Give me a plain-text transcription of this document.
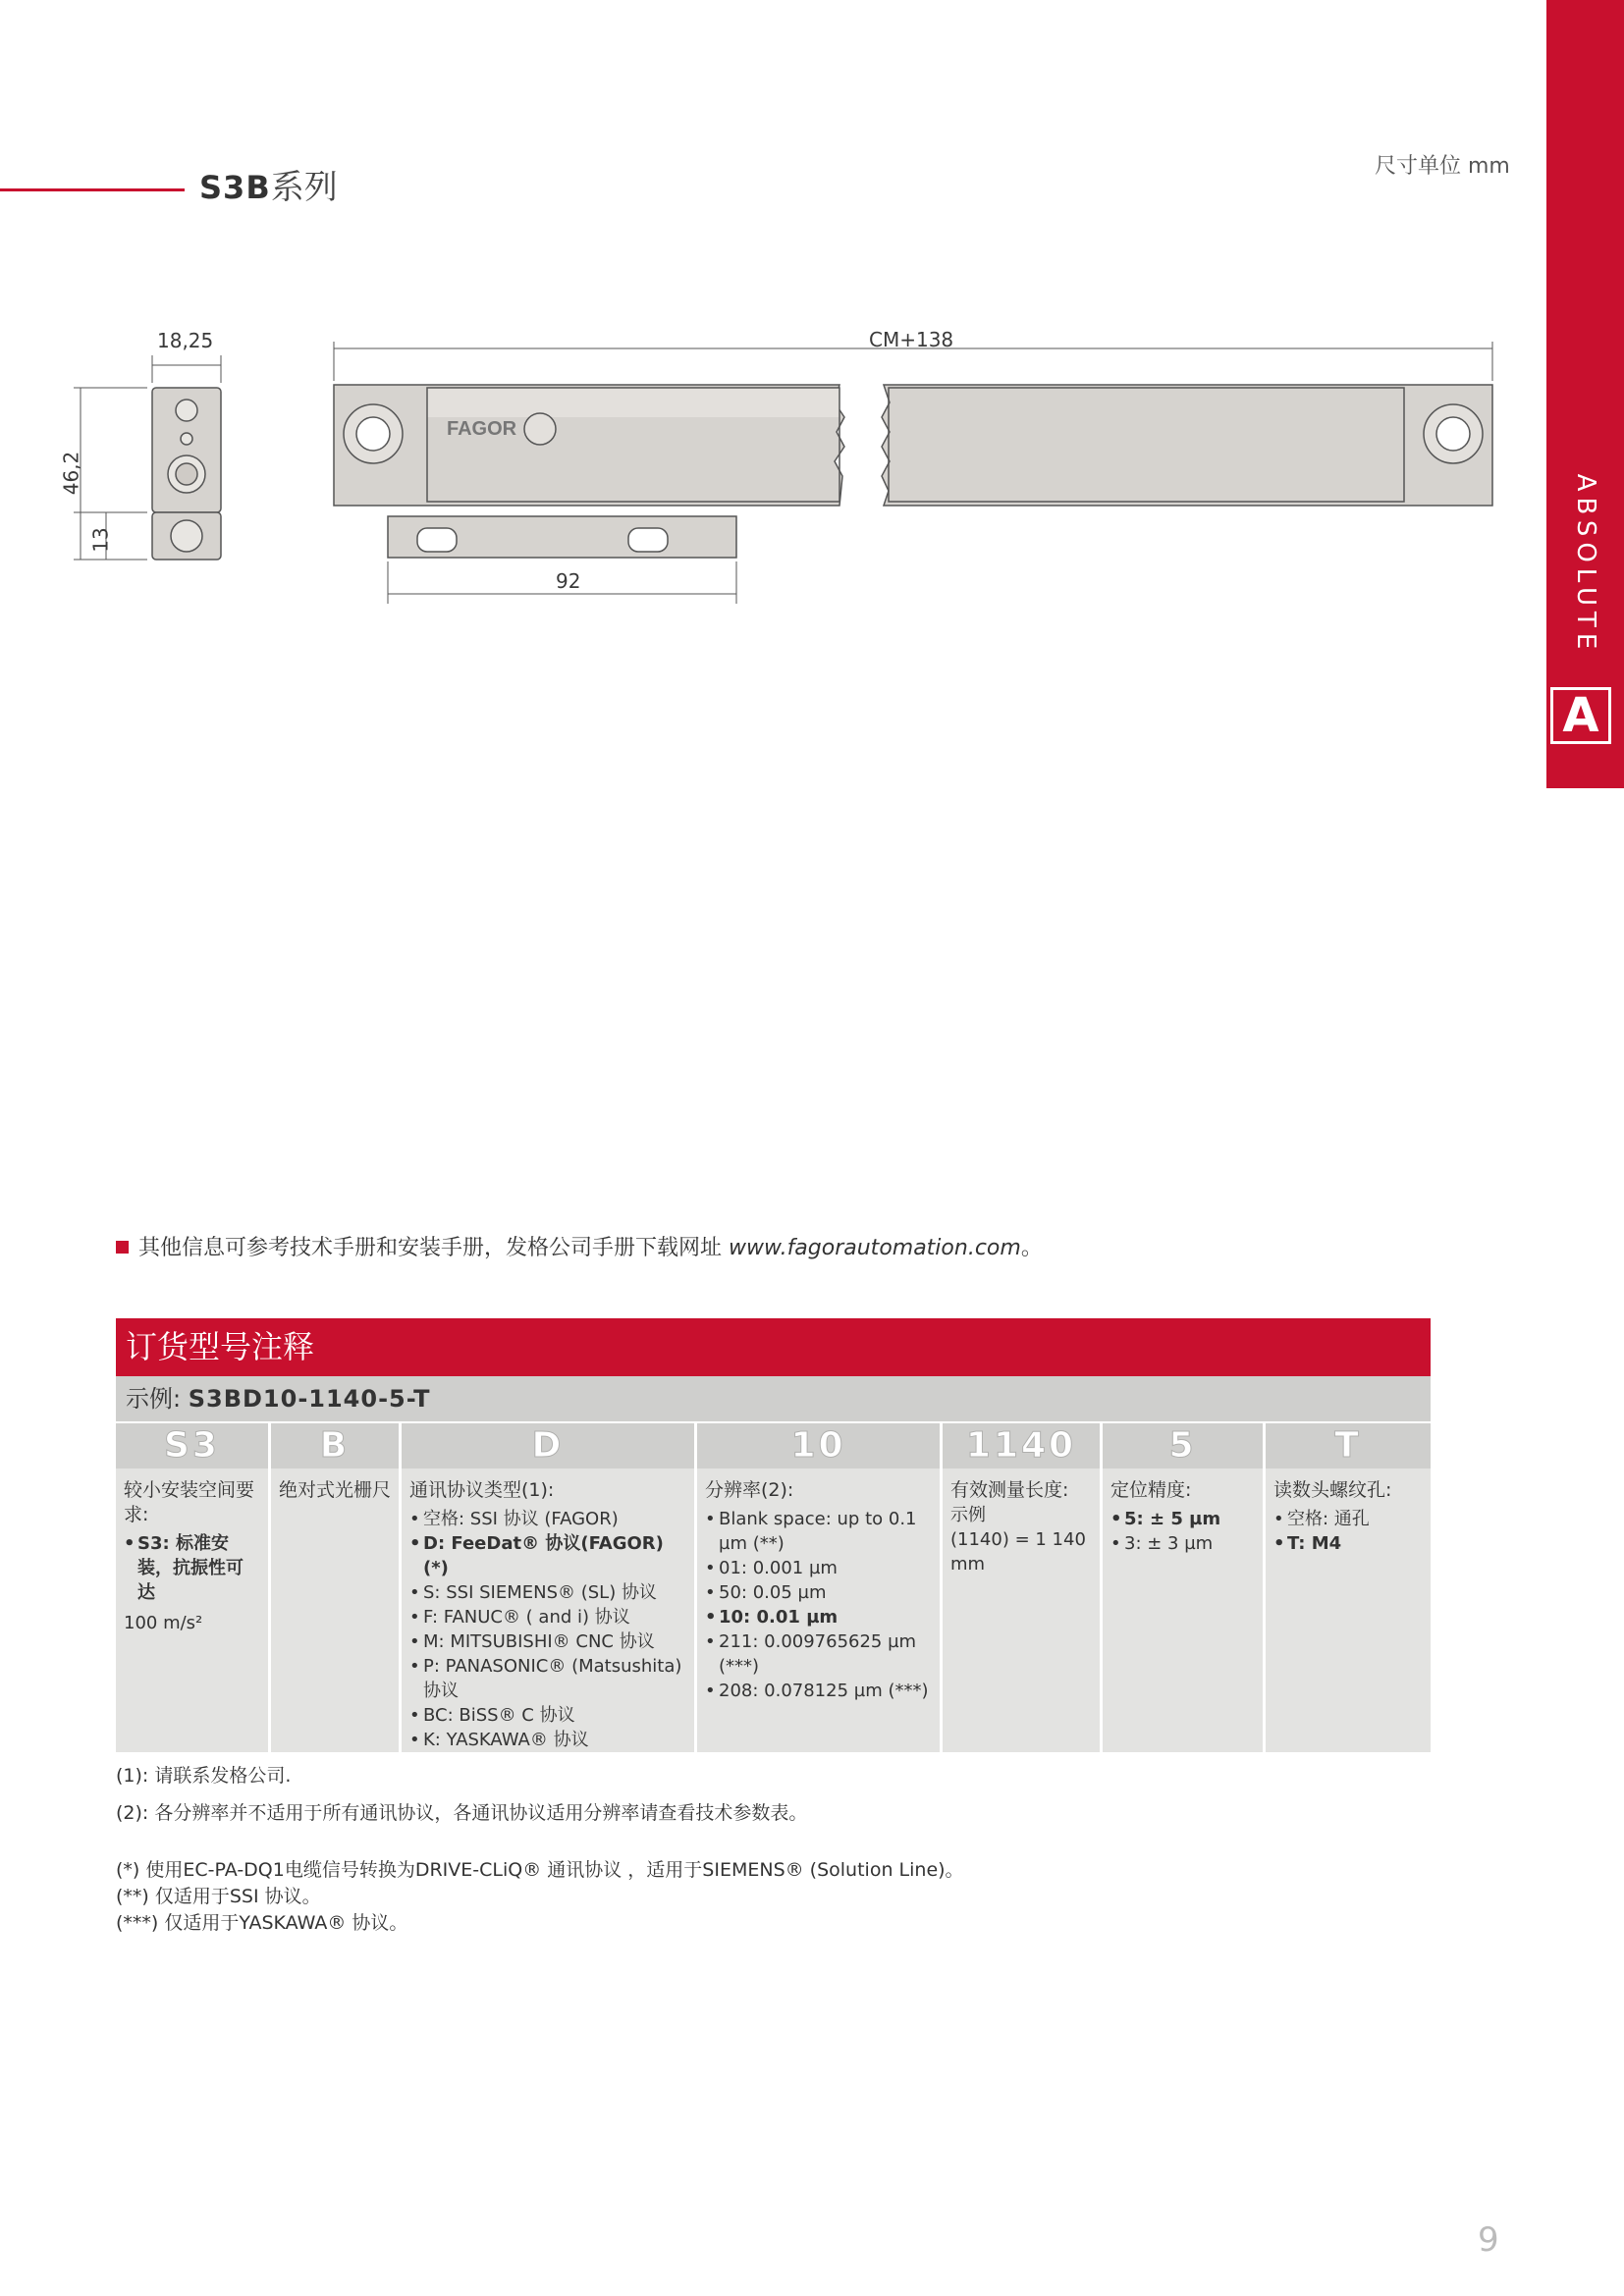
S3B系列
尺寸单位 mm
ABSOLUTE
A
FAGOR
18,25
46,2
13
CM+138
92
其他信息可参考技术手册和安装手册，发格公司手册下载网址 www.fagorautomation.com。
订货型号注释
示例: S3BD10-1140-5-T
S3
较小安装空间要求:
• S3: 标准安装，抗振性可达
100 m/s²
B
绝对式光栅尺
D
通讯协议类型(1):
• 空格: SSI 协议 (FAGOR)
• D: FeeDat® 协议(FAGOR) (*)
• S: SSI SIEMENS® (SL) 协议
• F: FANUC® ( and i) 协议
• M: MITSUBISHI® CNC 协议
• P: PANASONIC® (Matsushita) 协议
• BC: BiSS® C 协议
• K: YASKAWA® 协议
10
分辨率(2):
• Blank space: up to 0.1 µm (**)
• 01: 0.001 µm
• 50: 0.05 µm
• 10: 0.01 µm
• 211: 0.009765625 µm (***)
• 208: 0.078125 µm (***)
1140
有效测量长度:
示例
(1140) = 1 140 mm
5
定位精度:
• 5: ± 5 µm
• 3: ± 3 µm
T
读数头螺纹孔:
• 空格: 通孔
• T: M4
(1): 请联系发格公司.
(2): 各分辨率并不适用于所有通讯协议，各通讯协议适用分辨率请查看技术参数表。
(*) 使用EC-PA-DQ1电缆信号转换为DRIVE-CLiQ® 通讯协议 ，适用于SIEMENS® (Solution Line)。
(**) 仅适用于SSI 协议。
(***) 仅适用于YASKAWA® 协议。
9
